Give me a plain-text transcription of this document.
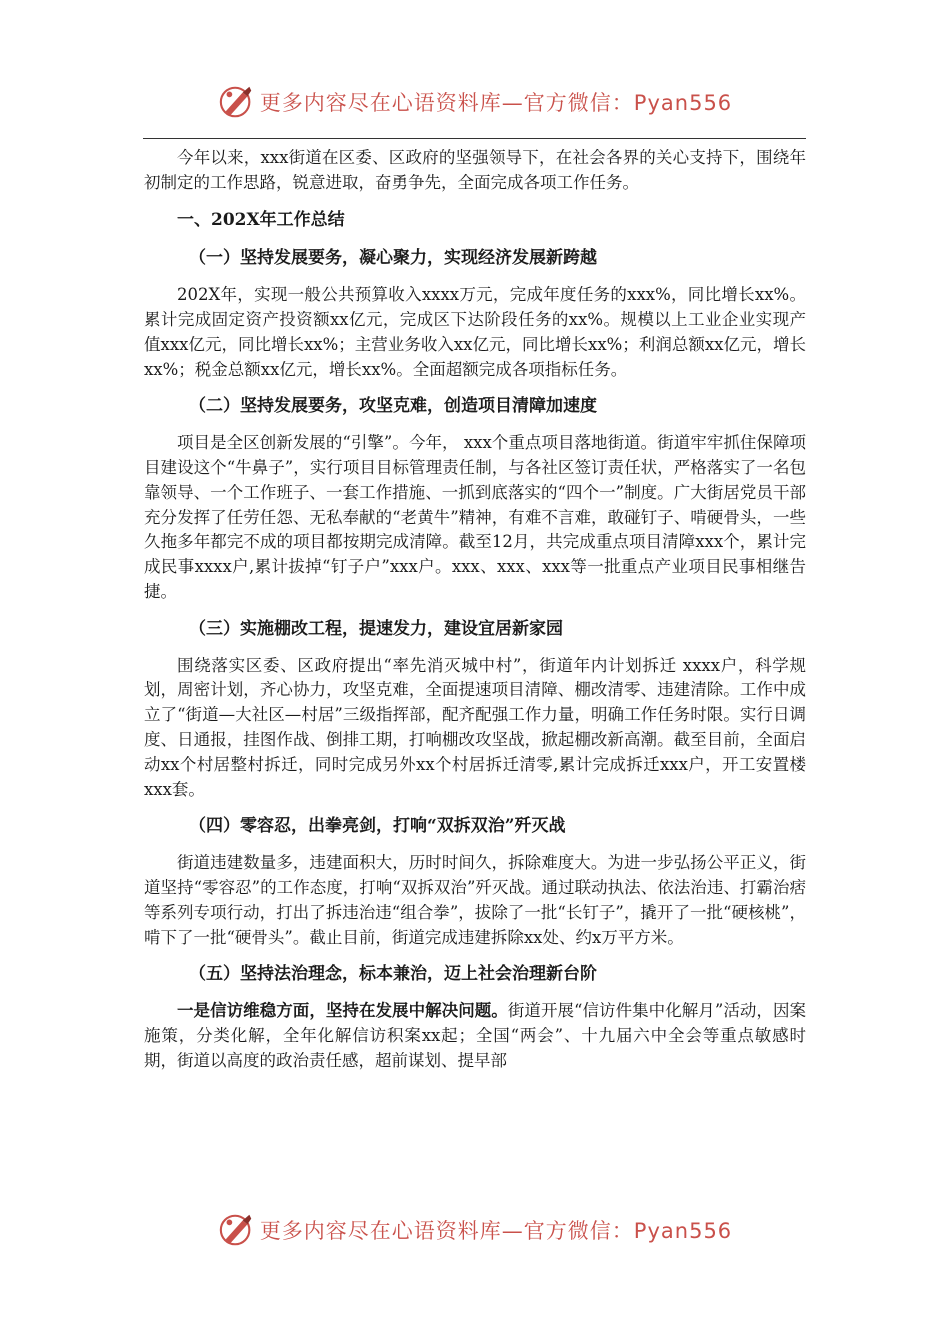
更多内容尽在心语资料库—官方微信：Pyan556

今年以来，xxx街道在区委、区政府的坚强领导下，在社会各界的关心支持下，围绕年初制定的工作思路，锐意进取，奋勇争先，全面完成各项工作任务。

一、202X年工作总结

（一）坚持发展要务，凝心聚力，实现经济发展新跨越

202X年，实现一般公共预算收入xxxx万元，完成年度任务的xxx%，同比增长xx%。累计完成固定资产投资额xx亿元，完成区下达阶段任务的xx%。规模以上工业企业实现产值xxx亿元，同比增长xx%；主营业务收入xx亿元，同比增长xx%；利润总额xx亿元，增长xx%；税金总额xx亿元，增长xx%。全面超额完成各项指标任务。

（二）坚持发展要务，攻坚克难，创造项目清障加速度

项目是全区创新发展的“引擎”。今年， xxx个重点项目落地街道。街道牢牢抓住保障项目建设这个“牛鼻子”，实行项目目标管理责任制，与各社区签订责任状，严格落实了一名包靠领导、一个工作班子、一套工作措施、一抓到底落实的“四个一”制度。广大街居党员干部充分发挥了任劳任怨、无私奉献的“老黄牛”精神，有难不言难，敢碰钉子、啃硬骨头，一些久拖多年都完不成的项目都按期完成清障。截至12月，共完成重点项目清障xxx个，累计完成民事xxxx户,累计拔掉“钉子户”xxx户。xxx、xxx、xxx等一批重点产业项目民事相继告捷。

（三）实施棚改工程，提速发力，建设宜居新家园

围绕落实区委、区政府提出“率先消灭城中村”，街道年内计划拆迁 xxxx户，科学规划，周密计划，齐心协力，攻坚克难，全面提速项目清障、棚改清零、违建清除。工作中成立了“街道—大社区—村居”三级指挥部，配齐配强工作力量，明确工作任务时限。实行日调度、日通报，挂图作战、倒排工期，打响棚改攻坚战，掀起棚改新高潮。截至目前，全面启动xx个村居整村拆迁，同时完成另外xx个村居拆迁清零,累计完成拆迁xxx户，开工安置楼xxx套。

（四）零容忍，出拳亮剑，打响“双拆双治”歼灭战

街道违建数量多，违建面积大，历时时间久，拆除难度大。为进一步弘扬公平正义，街道坚持“零容忍”的工作态度，打响“双拆双治”歼灭战。通过联动执法、依法治违、打霸治痞等系列专项行动，打出了拆违治违“组合拳”，拔除了一批“长钉子”，撬开了一批“硬核桃”，啃下了一批“硬骨头”。截止目前，街道完成违建拆除xx处、约x万平方米。

（五）坚持法治理念，标本兼治，迈上社会治理新台阶

一是信访维稳方面，坚持在发展中解决问题。街道开展“信访件集中化解月”活动，因案施策，分类化解，全年化解信访积案xx起；全国“两会”、十九届六中全会等重点敏感时期，街道以高度的政治责任感，超前谋划、提早部

更多内容尽在心语资料库—官方微信：Pyan556
